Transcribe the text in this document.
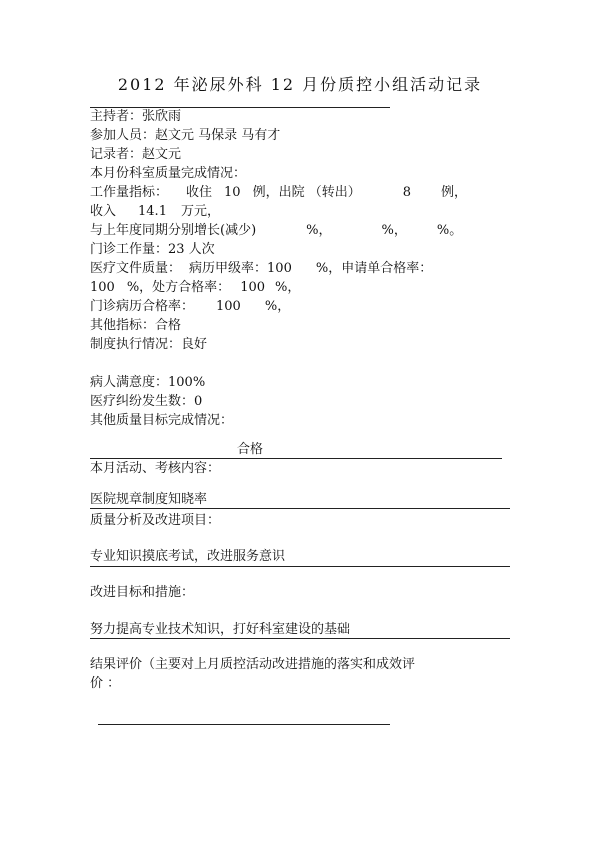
2012 年泌尿外科 12 月份质控小组活动记录

主持者：张欣雨

参加人员：赵文元 马保录 马有才

记录者：赵文元

本月份科室质量完成情况：

工作量指标： 收住 10 例，出院 （转出）	8 例，

收入 14.1 万元，

与上年度同期分别增长(减少)	%，	%， %。

门诊工作量：23 人次

医疗文件质量： 病历甲级率：100 %，申请单合格率：

100 %，处方合格率： 100 %，

门诊病历合格率： 100 %，

其他指标：合格

制度执行情况：良好

病人满意度：100%

医疗纠纷发生数：0

其他质量目标完成情况：

合格

本月活动、考核内容：

医院规章制度知晓率

质量分析及改进项目：

专业知识摸底考试，改进服务意识

改进目标和措施：

努力提高专业技术知识，打好科室建设的基础

结果评价（主要对上月质控活动改进措施的落实和成效评

价 ：
